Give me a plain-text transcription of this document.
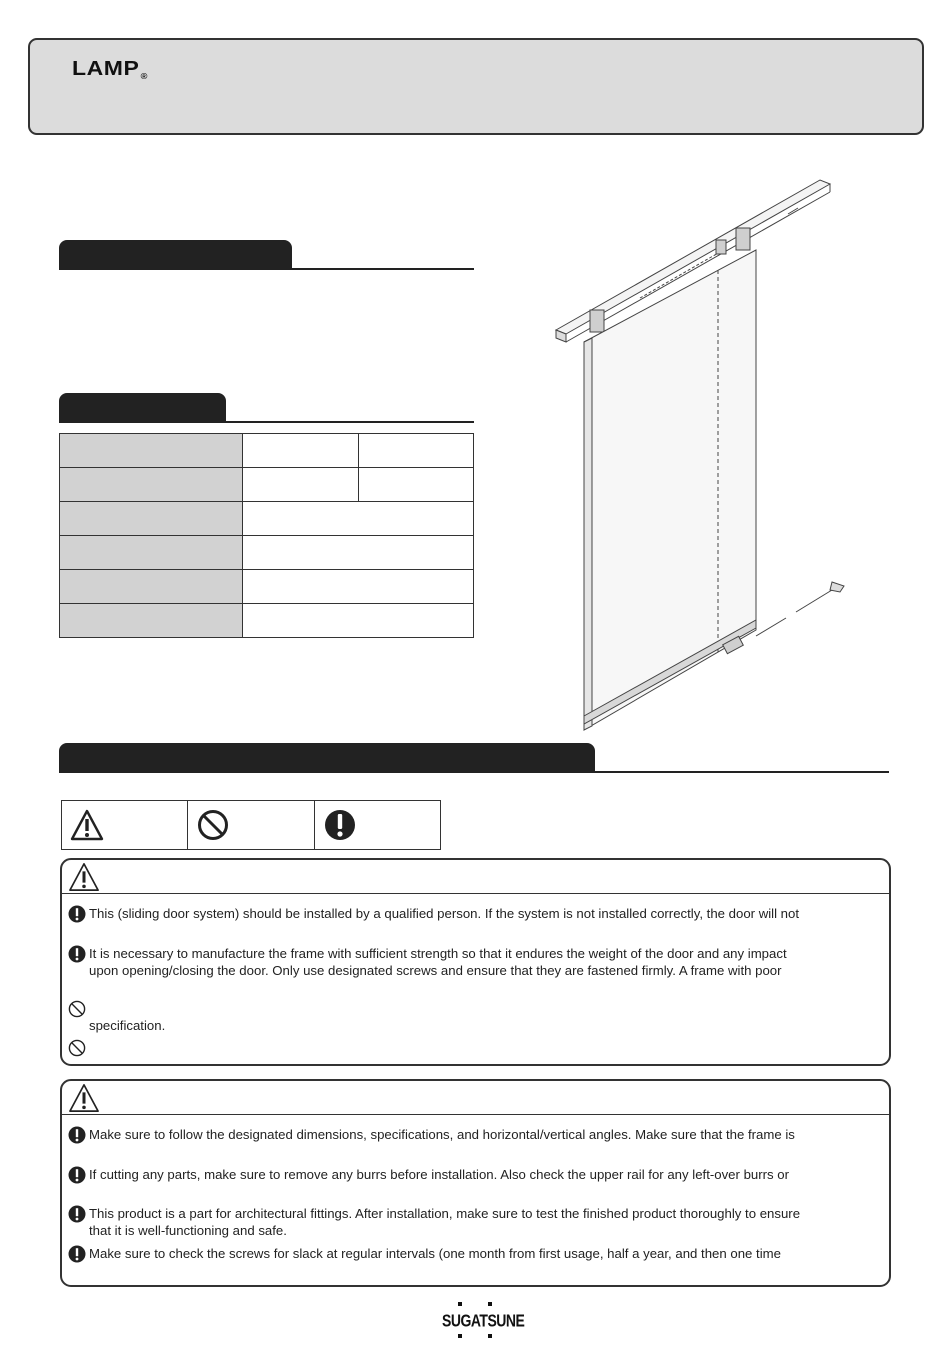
LAMP®

This (sliding door system) should be installed by a qualified person. If the system is not installed correctly, the door will not
It is necessary to manufacture the frame with sufficient strength so that it endures the weight of the door and any impact
upon opening/closing the door. Only use designated screws and ensure that they are fastened firmly. A frame with poor
specification.
Make sure to follow the designated dimensions, specifications, and horizontal/vertical angles. Make sure that the frame is
If cutting any parts, make sure to remove any burrs before installation. Also check the upper rail for any left-over burrs or
This product is a part for architectural fittings. After installation, make sure to test the finished product thoroughly to ensure
that it is well-functioning and safe.
Make sure to check the screws for slack at regular intervals (one month from first usage, half a year, and then one time
SUGATSUNE
